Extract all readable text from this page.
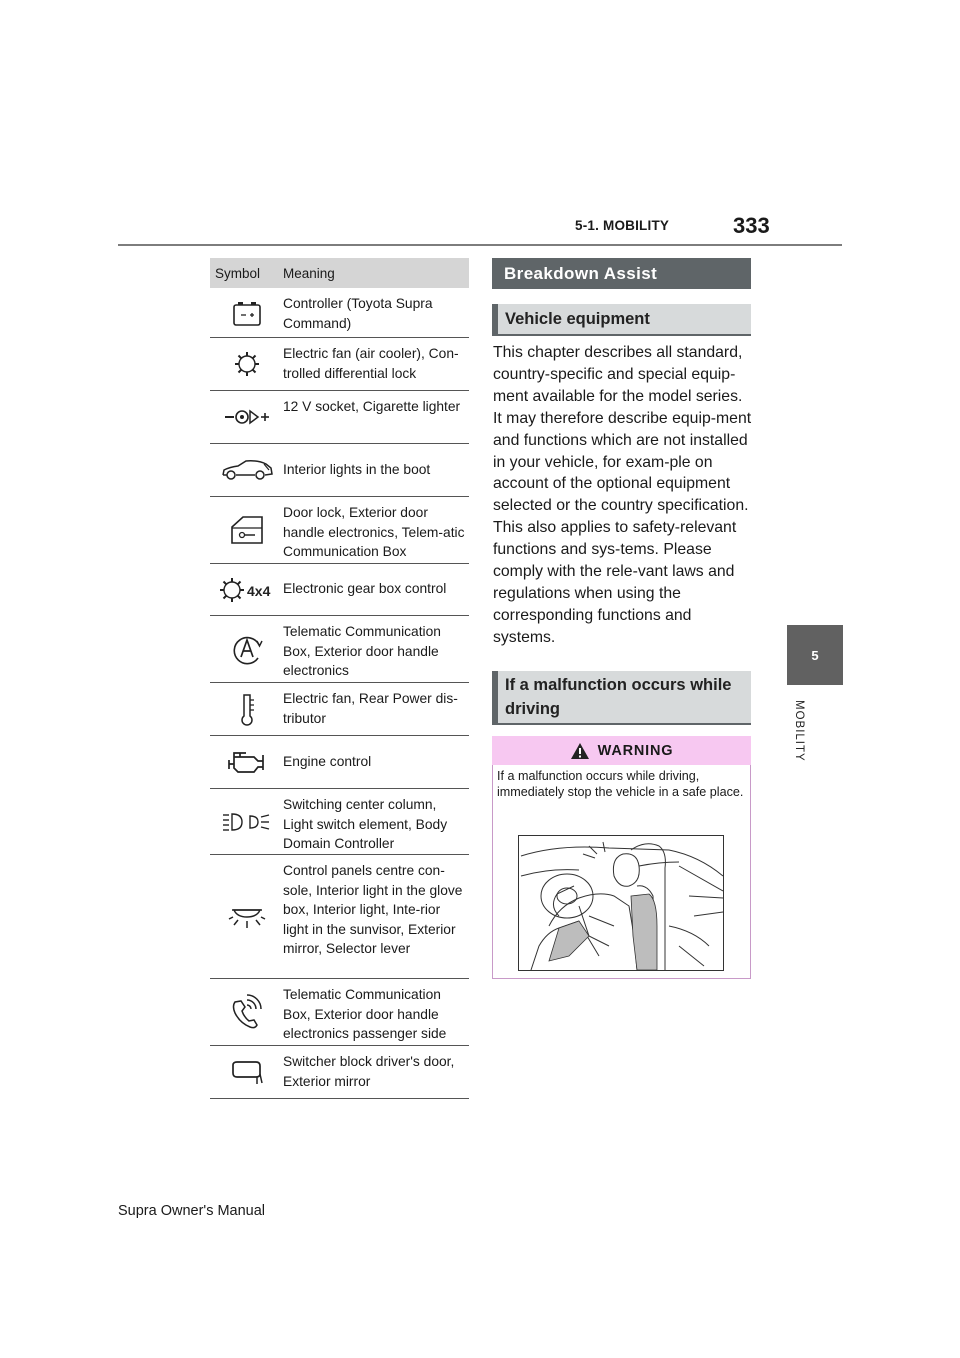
5-1. MOBILITY	333
5
MOBILITY
Symbol	Meaning
Controller (Toyota Supra Command)
Electric fan (air cooler), Con-trolled differential lock
12 V socket, Cigarette lighter
Interior lights in the boot
Door lock, Exterior door handle electronics, Telem-atic Communication Box
4x4 Electronic gear box control
Telematic Communication Box, Exterior door handle electronics
Electric fan, Rear Power dis-tributor
Engine control
Switching center column, Light switch element, Body Domain Controller
Control panels centre con-sole, Interior light in the glove box, Interior light, Inte-rior light in the sunvisor, Exterior mirror, Selector lever
Telematic Communication Box, Exterior door handle electronics passenger side
Switcher block driver's door, Exterior mirror
Breakdown Assist
Vehicle equipment
This chapter describes all standard, country-specific and special equip-ment available for the model series. It may therefore describe equip-ment and functions which are not installed in your vehicle, for exam-ple on account of the optional equipment selected or the country specification. This also applies to safety-relevant functions and sys-tems. Please comply with the rele-vant laws and regulations when using the corresponding functions and systems.
If a malfunction occurs while driving
WARNING
If a malfunction occurs while driving, immediately stop the vehicle in a safe place.
Supra Owner's Manual
